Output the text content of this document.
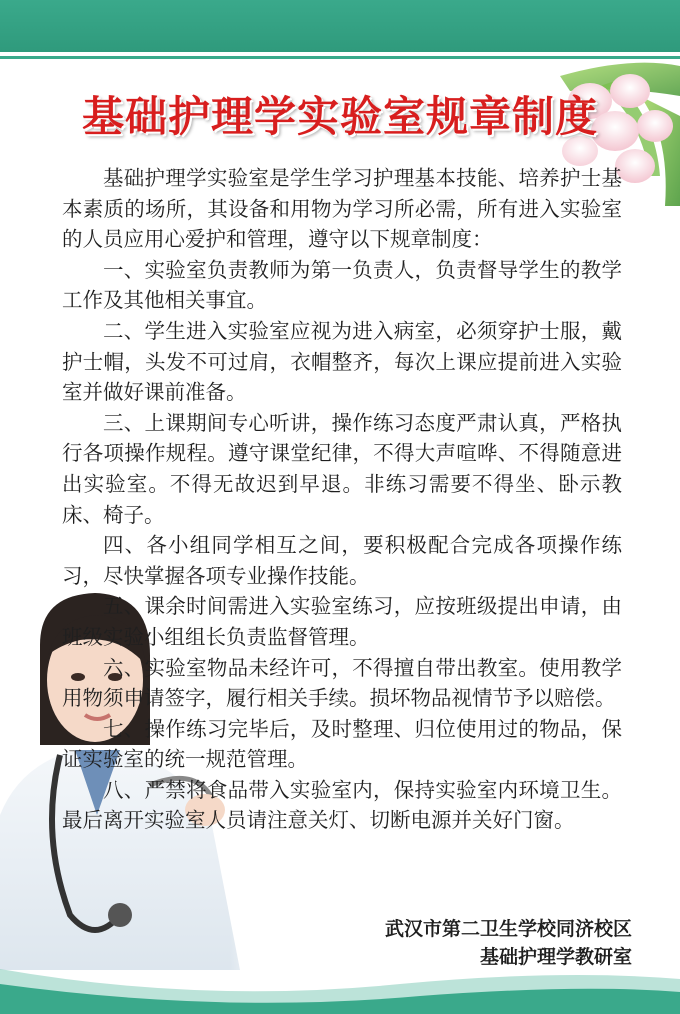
基础护理学实验室规章制度

基础护理学实验室是学生学习护理基本技能、培养护士基本素质的场所，其设备和用物为学习所必需，所有进入实验室的人员应用心爱护和管理，遵守以下规章制度：

一、实验室负责教师为第一负责人，负责督导学生的教学工作及其他相关事宜。

二、学生进入实验室应视为进入病室，必须穿护士服，戴护士帽，头发不可过肩，衣帽整齐，每次上课应提前进入实验室并做好课前准备。

三、上课期间专心听讲，操作练习态度严肃认真，严格执行各项操作规程。遵守课堂纪律，不得大声喧哗、不得随意进出实验室。不得无故迟到早退。非练习需要不得坐、卧示教床、椅子。

四、各小组同学相互之间，要积极配合完成各项操作练习，尽快掌握各项专业操作技能。

五、课余时间需进入实验室练习，应按班级提出申请，由班级实验小组组长负责监督管理。

六、实验室物品未经许可，不得擅自带出教室。使用教学用物须申请签字，履行相关手续。损坏物品视情节予以赔偿。

七、操作练习完毕后，及时整理、归位使用过的物品，保证实验室的统一规范管理。

八、严禁将食品带入实验室内，保持实验室内环境卫生。最后离开实验室人员请注意关灯、切断电源并关好门窗。

武汉市第二卫生学校同济校区
基础护理学教研室
